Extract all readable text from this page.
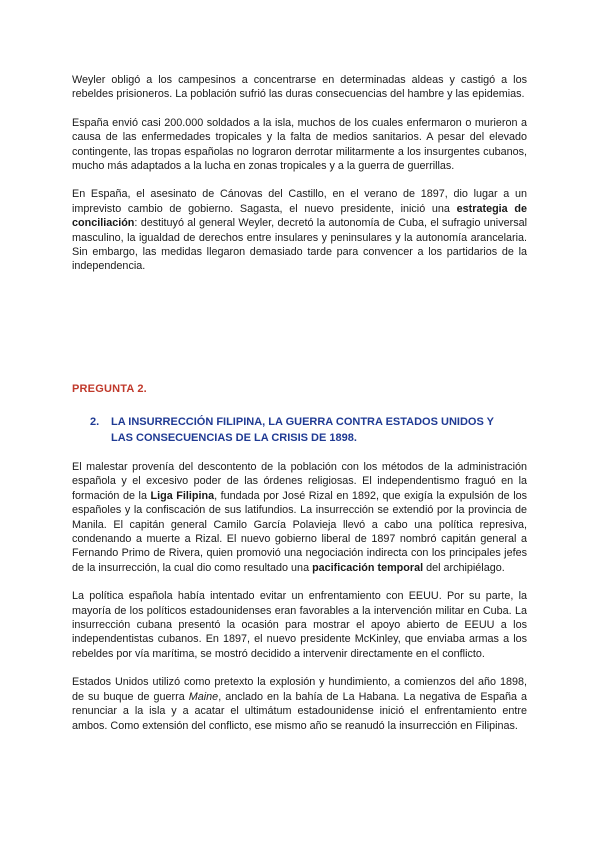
Weyler obligó a los campesinos a concentrarse en determinadas aldeas y castigó a los rebeldes prisioneros. La población sufrió las duras consecuencias del hambre y las epidemias.

España envió casi 200.000 soldados a la isla, muchos de los cuales enfermaron o murieron a causa de las enfermedades tropicales y la falta de medios sanitarios. A pesar del elevado contingente, las tropas españolas no lograron derrotar militarmente a los insurgentes cubanos, mucho más adaptados a la lucha en zonas tropicales y a la guerra de guerrillas.

En España, el asesinato de Cánovas del Castillo, en el verano de 1897, dio lugar a un imprevisto cambio de gobierno. Sagasta, el nuevo presidente, inició una estrategia de conciliación: destituyó al general Weyler, decretó la autonomía de Cuba, el sufragio universal masculino, la igualdad de derechos entre insulares y peninsulares y la autonomía arancelaria. Sin embargo, las medidas llegaron demasiado tarde para convencer a los partidarios de la independencia.

PREGUNTA 2.
2. LA INSURRECCIÓN FILIPINA, LA GUERRA CONTRA ESTADOS UNIDOS Y
LAS CONSECUENCIAS DE LA CRISIS DE 1898.

El malestar provenía del descontento de la población con los métodos de la administración española y el excesivo poder de las órdenes religiosas. El independentismo fraguó en la formación de la Liga Filipina, fundada por José Rizal en 1892, que exigía la expulsión de los españoles y la confiscación de sus latifundios. La insurrección se extendió por la provincia de Manila. El capitán general Camilo García Polavieja llevó a cabo una política represiva, condenando a muerte a Rizal. El nuevo gobierno liberal de 1897 nombró capitán general a Fernando Primo de Rivera, quien promovió una negociación indirecta con los principales jefes de la insurrección, la cual dio como resultado una pacificación temporal del archipiélago.

La política española había intentado evitar un enfrentamiento con EEUU. Por su parte, la mayoría de los políticos estadounidenses eran favorables a la intervención militar en Cuba. La insurrección cubana presentó la ocasión para mostrar el apoyo abierto de EEUU a los independentistas cubanos. En 1897, el nuevo presidente McKinley, que enviaba armas a los rebeldes por vía marítima, se mostró decidido a intervenir directamente en el conflicto.

Estados Unidos utilizó como pretexto la explosión y hundimiento, a comienzos del año 1898, de su buque de guerra Maine, anclado en la bahía de La Habana. La negativa de España a renunciar a la isla y a acatar el ultimátum estadounidense inició el enfrentamiento entre ambos. Como extensión del conflicto, ese mismo año se reanudó la insurrección en Filipinas.
